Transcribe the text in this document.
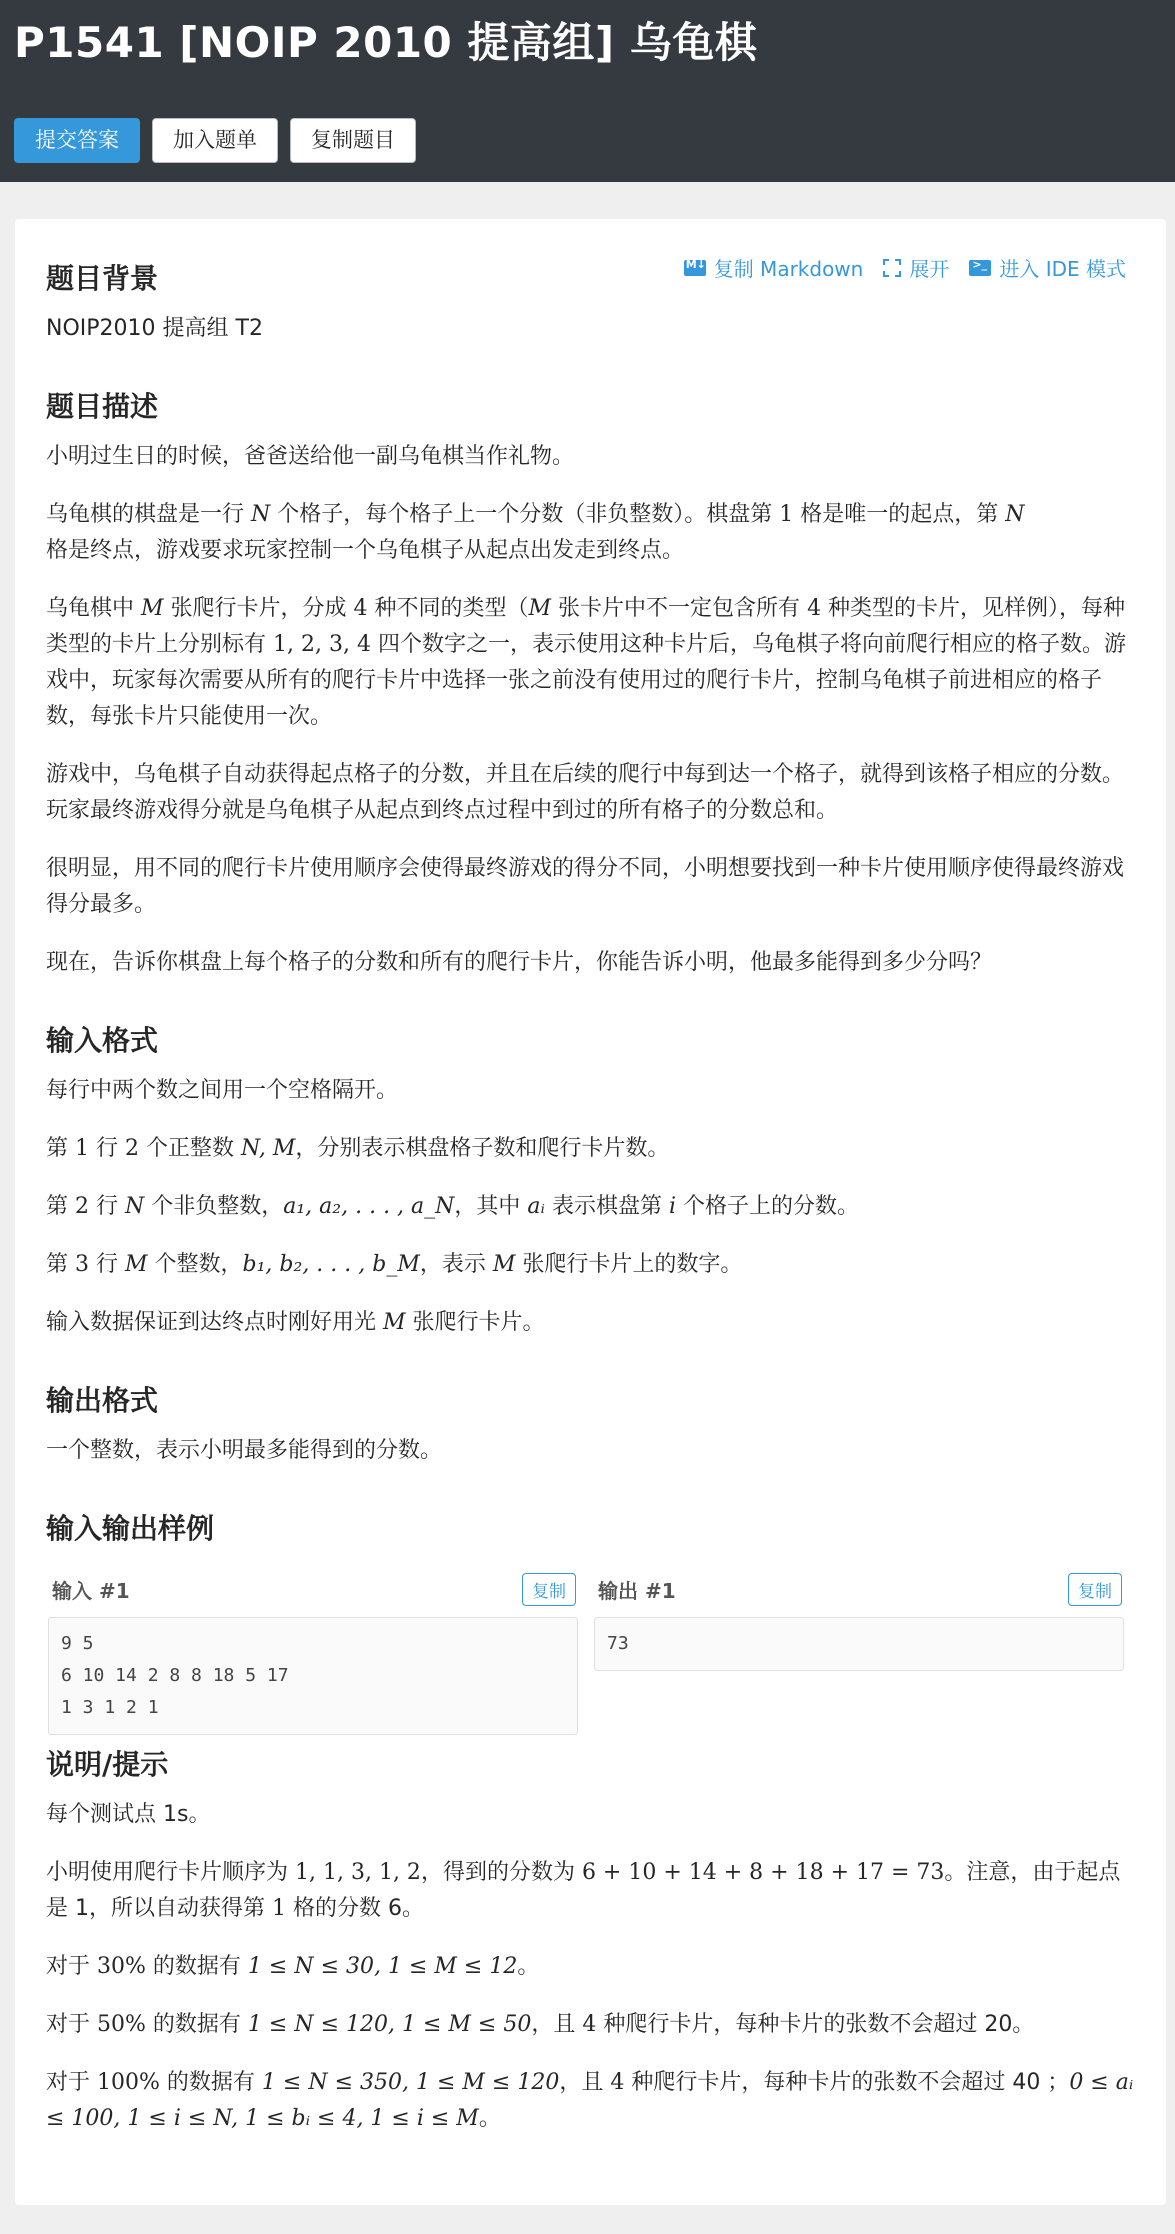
P1541 [NOIP 2010 提高组] 乌龟棋
提交答案	加入题单	复制题目
M↓
复制 Markdown 展开
>_	进入 IDE 模式
题目背景

NOIP2010 提高组 T2

题目描述

小明过生日的时候，爸爸送给他一副乌龟棋当作礼物。

乌龟棋的棋盘是一行 N 个格子，每个格子上一个分数（非负整数）。棋盘第 1 格是唯一的起点，第 N
格是终点，游戏要求玩家控制一个乌龟棋子从起点出发走到终点。

乌龟棋中 M 张爬行卡片，分成 4 种不同的类型（M 张卡片中不一定包含所有 4 种类型的卡片，见样例），每种类型的卡片上分别标有 1, 2, 3, 4 四个数字之一，表示使用这种卡片后，乌龟棋子将向前爬行相应的格子数。游戏中，玩家每次需要从所有的爬行卡片中选择一张之前没有使用过的爬行卡片，控制乌龟棋子前进相应的格子数，每张卡片只能使用一次。

游戏中，乌龟棋子自动获得起点格子的分数，并且在后续的爬行中每到达一个格子，就得到该格子相应的分数。玩家最终游戏得分就是乌龟棋子从起点到终点过程中到过的所有格子的分数总和。

很明显，用不同的爬行卡片使用顺序会使得最终游戏的得分不同，小明想要找到一种卡片使用顺序使得最终游戏得分最多。

现在，告诉你棋盘上每个格子的分数和所有的爬行卡片，你能告诉小明，他最多能得到多少分吗？

输入格式

每行中两个数之间用一个空格隔开。

第 1 行 2 个正整数 N, M，分别表示棋盘格子数和爬行卡片数。

第 2 行 N 个非负整数，a₁, a₂, . . . , a_N，其中 aᵢ 表示棋盘第 i 个格子上的分数。

第 3 行 M 个整数，b₁, b₂, . . . , b_M，表示 M 张爬行卡片上的数字。

输入数据保证到达终点时刚好用光 M 张爬行卡片。

输出格式

一个整数，表示小明最多能得到的分数。

输入输出样例
输入 #1	复制
9 5
6 10 14 2 8 8 18 5 17
1 3 1 2 1
输出 #1	复制
73
说明/提示

每个测试点 1s。

小明使用爬行卡片顺序为 1, 1, 3, 1, 2，得到的分数为 6 + 10 + 14 + 8 + 18 + 17 = 73。注意，由于起点是 1，所以自动获得第 1 格的分数 6。

对于 30% 的数据有 1 ≤ N ≤ 30, 1 ≤ M ≤ 12。

对于 50% 的数据有 1 ≤ N ≤ 120, 1 ≤ M ≤ 50，且 4 种爬行卡片，每种卡片的张数不会超过 20。

对于 100% 的数据有 1 ≤ N ≤ 350, 1 ≤ M ≤ 120，且 4 种爬行卡片，每种卡片的张数不会超过 40 ；0 ≤ aᵢ ≤ 100, 1 ≤ i ≤ N, 1 ≤ bᵢ ≤ 4, 1 ≤ i ≤ M。
